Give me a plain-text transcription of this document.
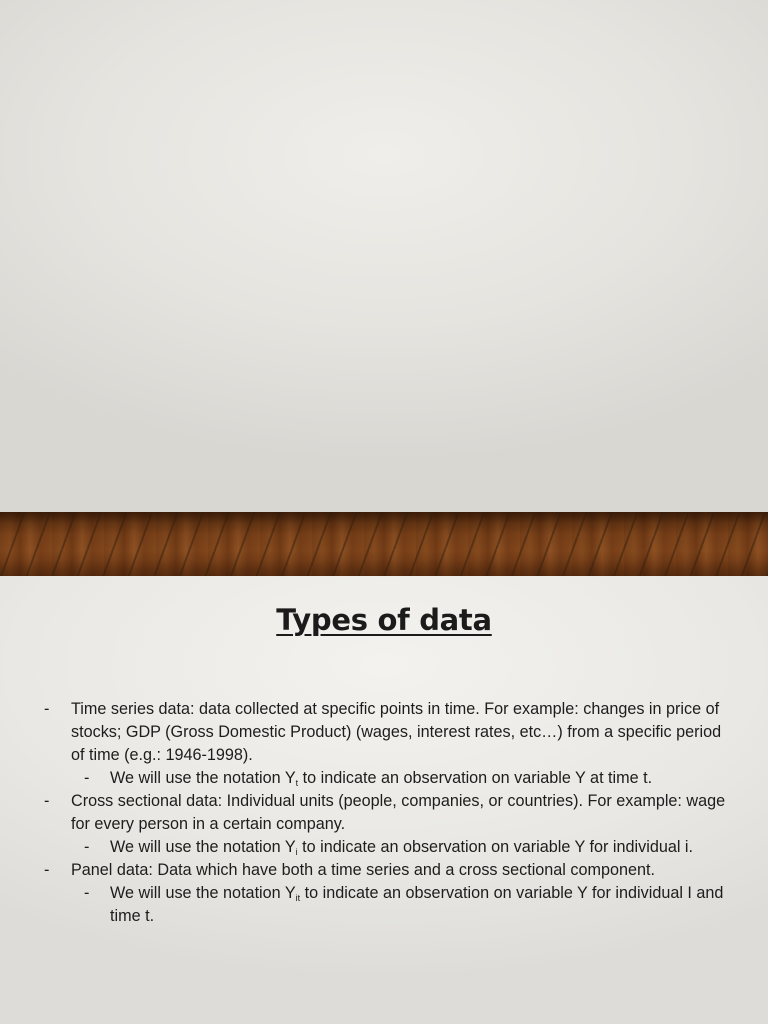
Types of data
- Time series data: data collected at specific points in time. For example: changes in price of stocks; GDP (Gross Domestic Product) (wages, interest rates, etc…) from a specific period of time (e.g.: 1946-1998).
- We will use the notation $Y_t$ to indicate an observation on variable Y at time t.
- Cross sectional data: Individual units (people, companies, or countries). For example: wage for every person in a certain company.
- We will use the notation $Y_i$ to indicate an observation on variable Y for individual i.
- Panel data: Data which have both a time series and a cross sectional component.
- We will use the notation $Y_{it}$ to indicate an observation on variable Y for individual I and time t.
